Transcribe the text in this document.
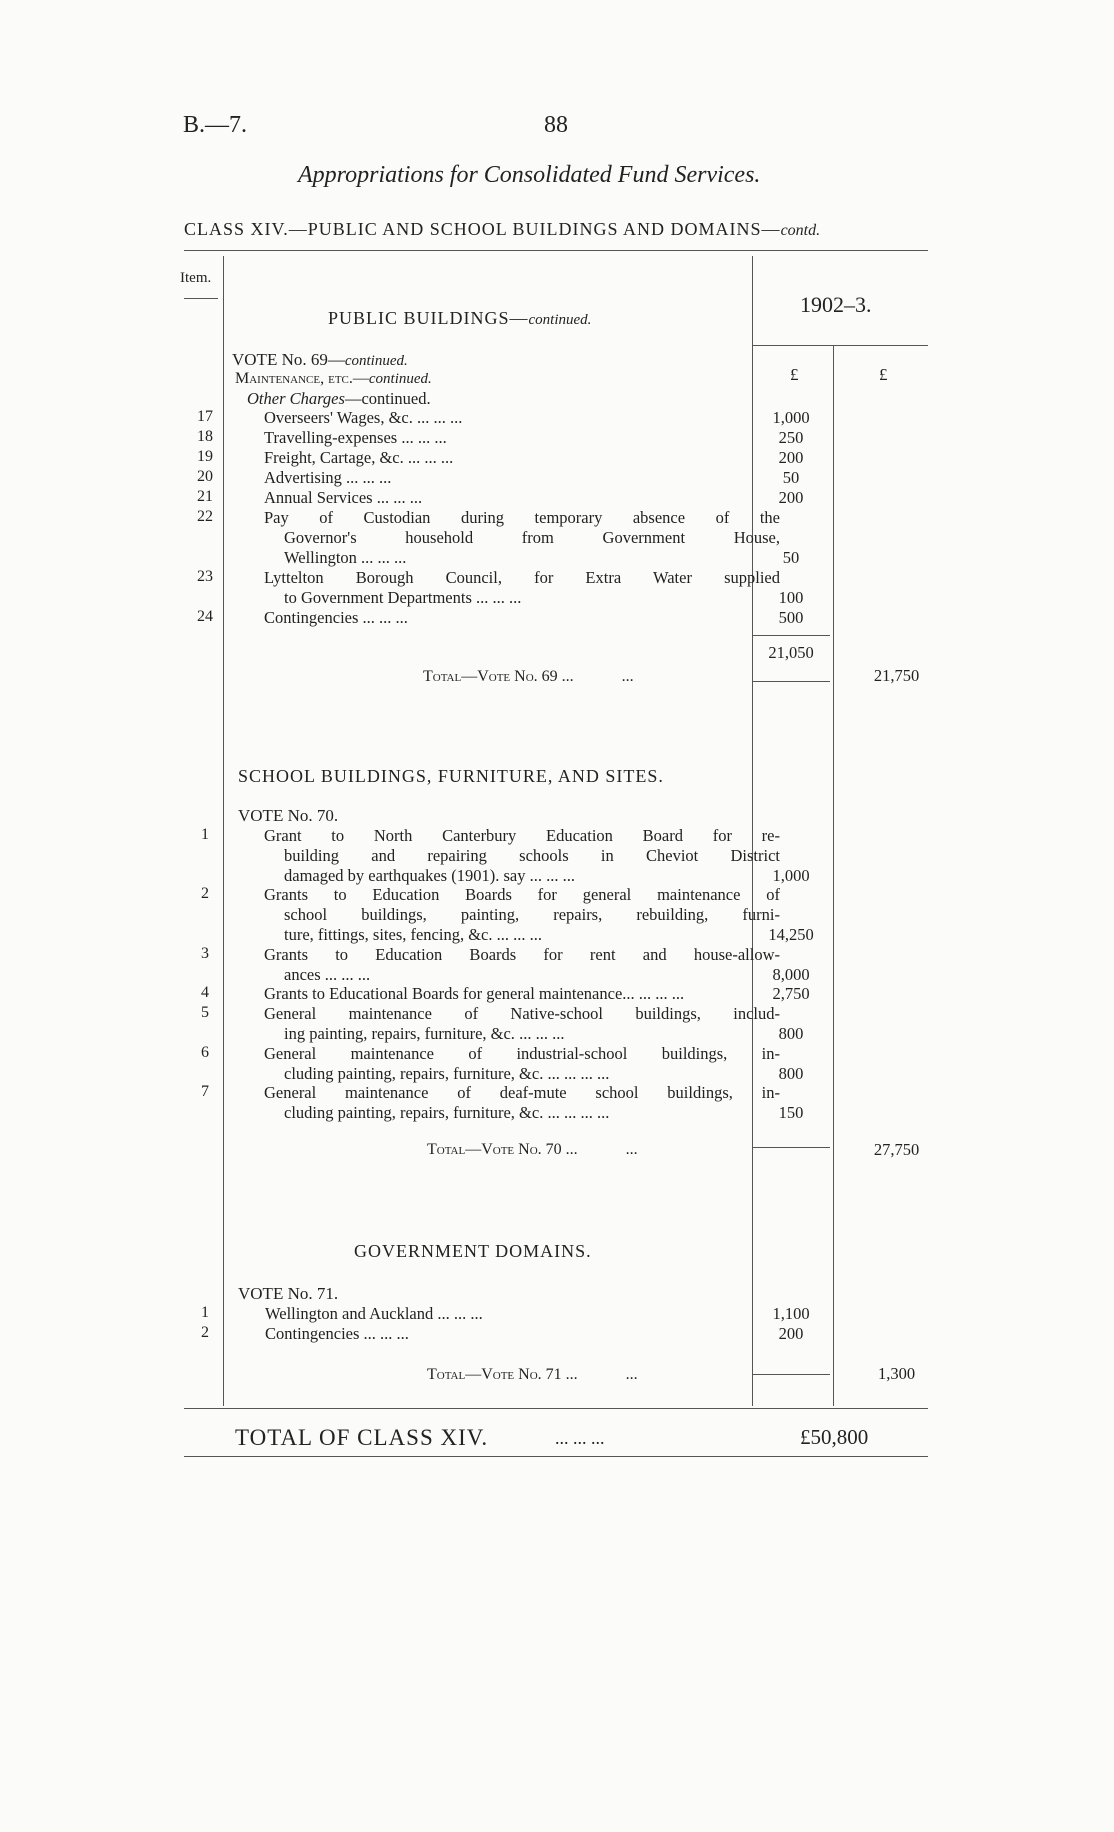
B.—7.	88
Appropriations for Consolidated Fund Services.
CLASS XIV.—PUBLIC AND SCHOOL BUILDINGS AND DOMAINS—contd.
Item.
1902–3.
£	£
PUBLIC BUILDINGS—continued.
VOTE No. 69—continued.
Maintenance, etc.—continued.
Other Charges—continued.
17	Overseers' Wages, &c. ...	1,000
18	Travelling-expenses ...	250
19	Freight, Cartage, &c. ...	200
20	Advertising ...	50
21	Annual Services ...	200
22	Pay of Custodian during temporary absence of the
Governor's household from Government House,
Wellington ...	50
23	Lyttelton Borough Council, for Extra Water supplied
to Government Departments ...	100
24	Contingencies ...	500
21,050
Total—Vote No. 69 ...            ...	21,750
SCHOOL BUILDINGS, FURNITURE, AND SITES.
VOTE No. 70.
1	Grant to North Canterbury Education Board for re-
building and repairing schools in Cheviot District
damaged by earthquakes (1901). say ...	1,000
2	Grants to Education Boards for general maintenance of
school buildings, painting, repairs, rebuilding, furni-
ture, fittings, sites, fencing, &c. ...	14,250
3	Grants to Education Boards for rent and house-allow-
ances ...	8,000
4	Grants to Educational Boards for general maintenance... ...	2,750
5	General maintenance of Native-school buildings, includ-
ing painting, repairs, furniture, &c. ...	800
6	General maintenance of industrial-school buildings, in-
cluding painting, repairs, furniture, &c. ... ...	800
7	General maintenance of deaf-mute school buildings, in-
cluding painting, repairs, furniture, &c. ... ...	150
Total—Vote No. 70 ...            ...	27,750
GOVERNMENT DOMAINS.
VOTE No. 71.
1	Wellington and Auckland ...	1,100
2	Contingencies ...	200
Total—Vote No. 71 ...            ...	1,300
TOTAL OF CLASS XIV.	... ... ...	£50,800
